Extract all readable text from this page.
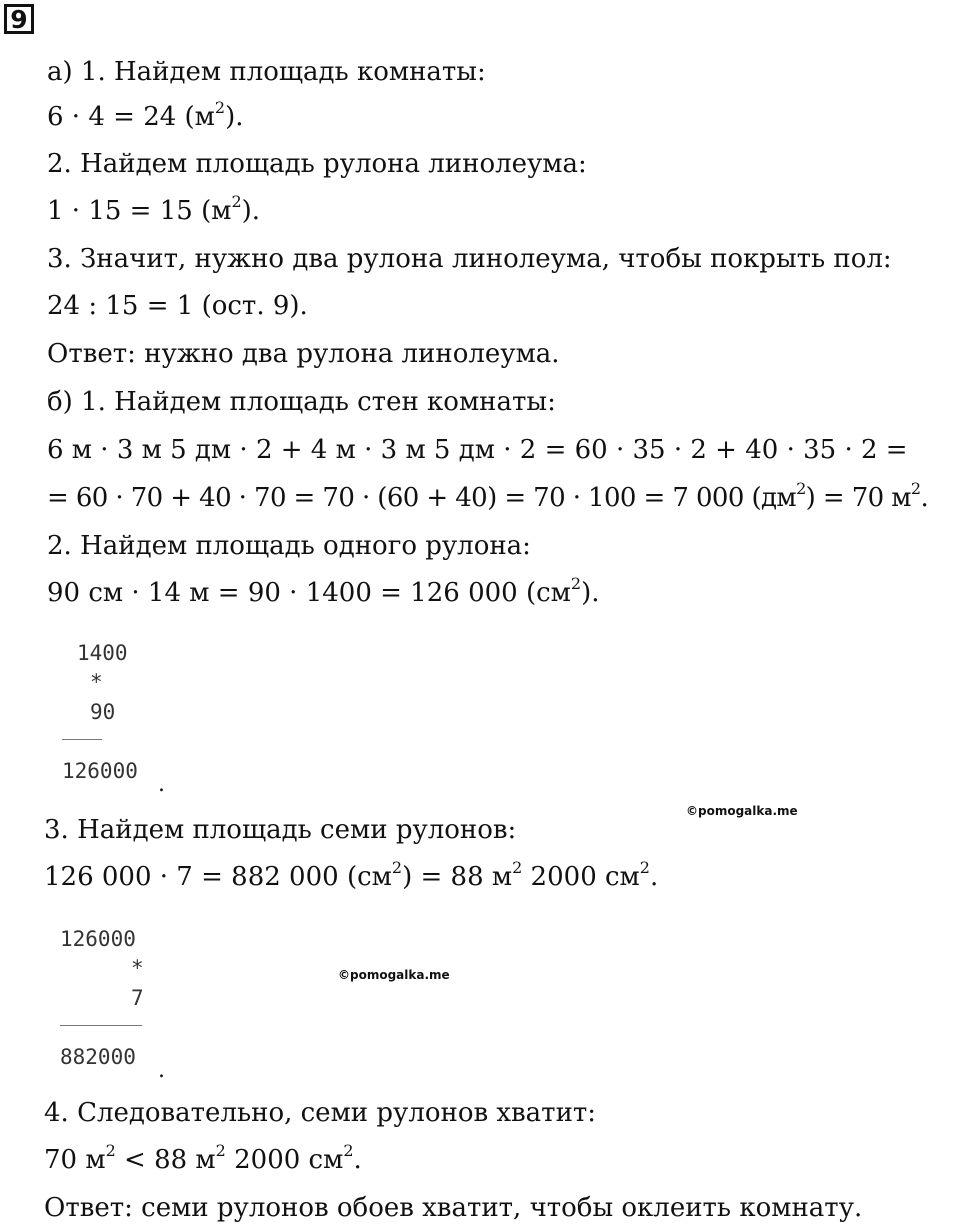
9
а) 1. Найдем площадь комнаты:
6 · 4 = 24 $(м^2)$.
2. Найдем площадь рулона линолеума:
1 · 15 = 15 $(м^2)$.
3. Значит, нужно два рулона линолеума, чтобы покрыть пол:
24 : 15 = 1 (ост. 9).
Ответ: нужно два рулона линолеума.
б) 1. Найдем площадь стен комнаты:
6 м · 3 м 5 дм · 2 + 4 м · 3 м 5 дм · 2 = 60 · 35 · 2 + 40 · 35 · 2 =
= 60 · 70 + 40 · 70 = 70 · (60 + 40) = 70 · 100 = 7 000 $(дм^2) = 70$ $м^2$.
2. Найдем площадь одного рулона:
90 см · 14 м = 90 · 1400 = 126 000 $(см^2)$.
3. Найдем площадь семи рулонов:
126 000 · 7 = 882 000 $(см^2) = 88$ $м^2$ 2000 $см^2$.
4. Следовательно, семи рулонов хватит:
70 $м^2 < 88$ $м^2$ 2000 $см^2$.
Ответ: семи рулонов обоев хватит, чтобы оклеить комнату.
1400
*
90
126000
.
©pomogalka.me
126000
*
7
882000
.
©pomogalka.me
